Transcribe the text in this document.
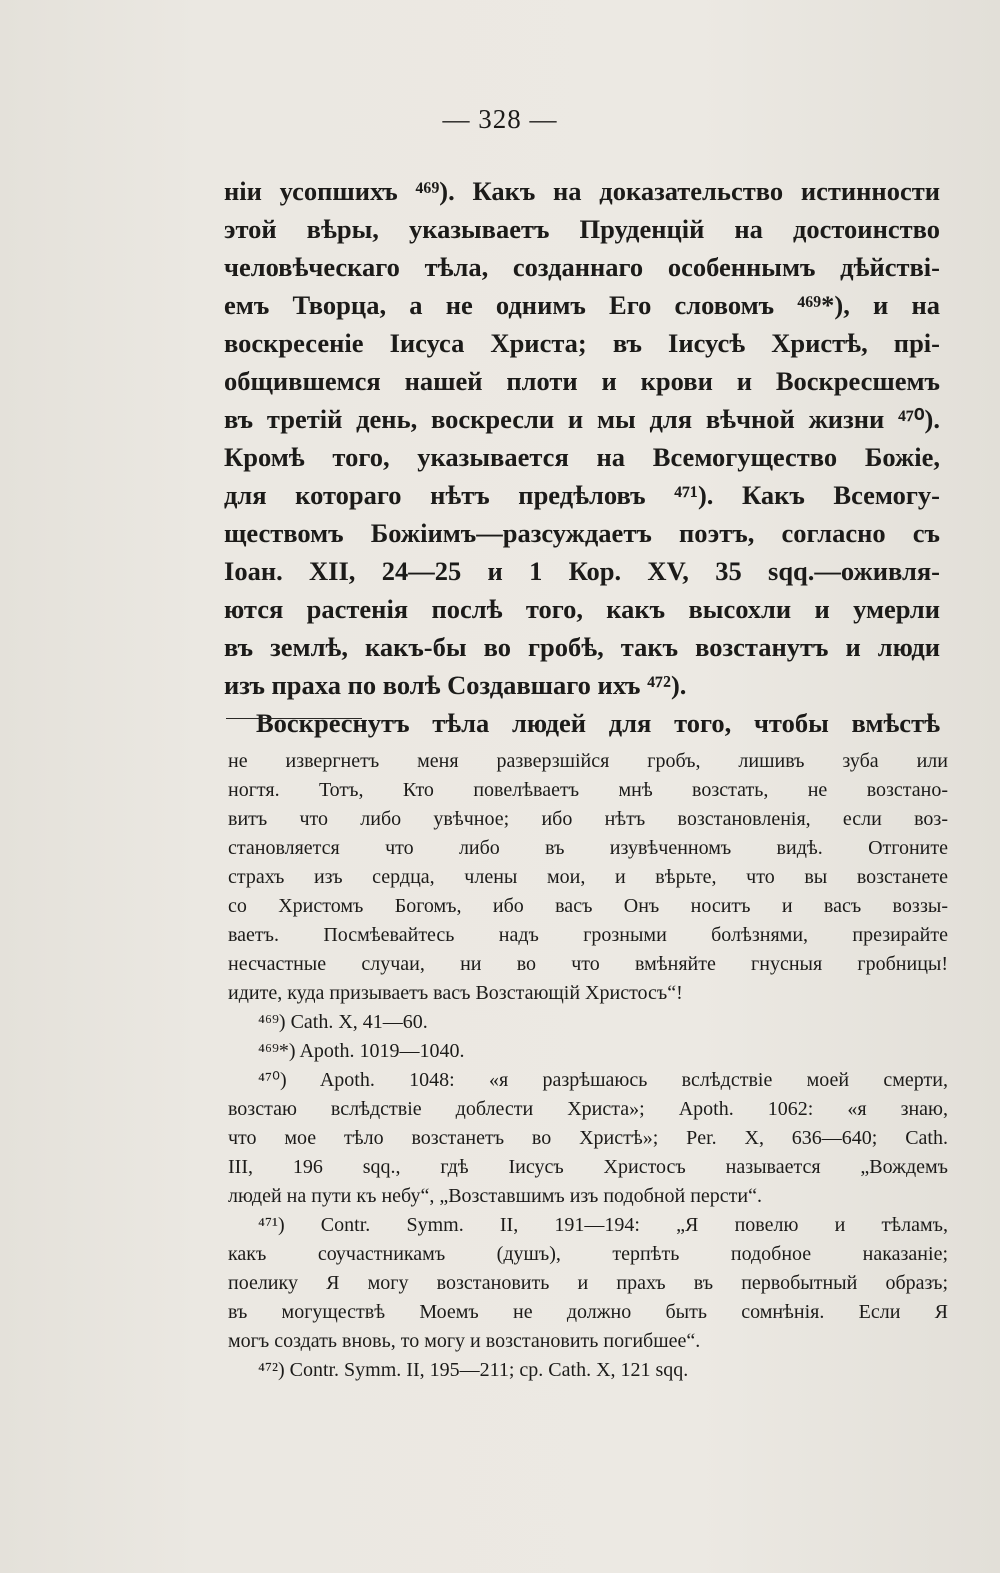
— 328 —
нiи усопшихъ ⁴⁶⁹). Какъ на доказательство истинности
этой вѣры, указываетъ Пруденцiй на достоинство
человѣческаго тѣла, созданнаго особеннымъ дѣйствi-
емъ Творца, а не однимъ Его словомъ ⁴⁶⁹*), и на
воскресенiе Iисуса Христа; въ Iисусѣ Христѣ, прi-
общившемся нашей плоти и крови и Воскресшемъ
въ третiй день, воскресли и мы для вѣчной жизни ⁴⁷⁰).
Кромѣ того, указывается на Всемогущество Божiе,
для котораго нѣтъ предѣловъ ⁴⁷¹). Какъ Всемогу-
ществомъ Божiимъ—разсуждаетъ поэтъ, согласно съ
Iоан. XII, 24—25 и 1 Кор. XV, 35 sqq.—оживля-
ются растенiя послѣ того, какъ высохли и умерли
въ землѣ, какъ-бы во гробѣ, такъ возстанутъ и люди
изъ праха по волѣ Создавшаго ихъ ⁴⁷²).
Воскреснутъ тѣла людей для того, чтобы вмѣстѣ
не извергнетъ меня разверзшiйся гробъ, лишивъ зуба или
ногтя. Тотъ, Кто повелѣваетъ мнѣ возстать, не возстано-
витъ что либо увѣчное; ибо нѣтъ возстановленiя, если воз-
становляется что либо въ изувѣченномъ видѣ. Отгоните
страхъ изъ сердца, члены мои, и вѣрьте, что вы возстанете
со Христомъ Богомъ, ибо васъ Онъ носитъ и васъ воззы-
ваетъ. Посмѣевайтесь надъ грозными болѣзнями, презирайте
несчастные случаи, ни во что вмѣняйте гнусныя гробницы!
идите, куда призываетъ васъ Возстающiй Христосъ“!
⁴⁶⁹) Cath. X, 41—60.
⁴⁶⁹*) Apoth. 1019—1040.
⁴⁷⁰) Apoth. 1048: «я разрѣшаюсь вслѣдствiе моей смерти,
возстаю вслѣдствiе доблести Христа»; Apoth. 1062: «я знаю,
что мое тѣло возстанетъ во Христѣ»; Per. X, 636—640; Cath.
III, 196 sqq., гдѣ Iисусъ Христосъ называется „Вождемъ
людей на пути къ небу“, „Возставшимъ изъ подобной персти“.
⁴⁷¹) Contr. Symm. II, 191—194: „Я повелю и тѣламъ,
какъ соучастникамъ (душъ), терпѣть подобное наказанiе;
поелику Я могу возстановить и прахъ въ первобытный образъ;
въ могуществѣ Моемъ не должно быть сомнѣнiя. Если Я
могъ создать вновь, то могу и возстановить погибшее“.
⁴⁷²) Contr. Symm. II, 195—211; ср. Cath. X, 121 sqq.
